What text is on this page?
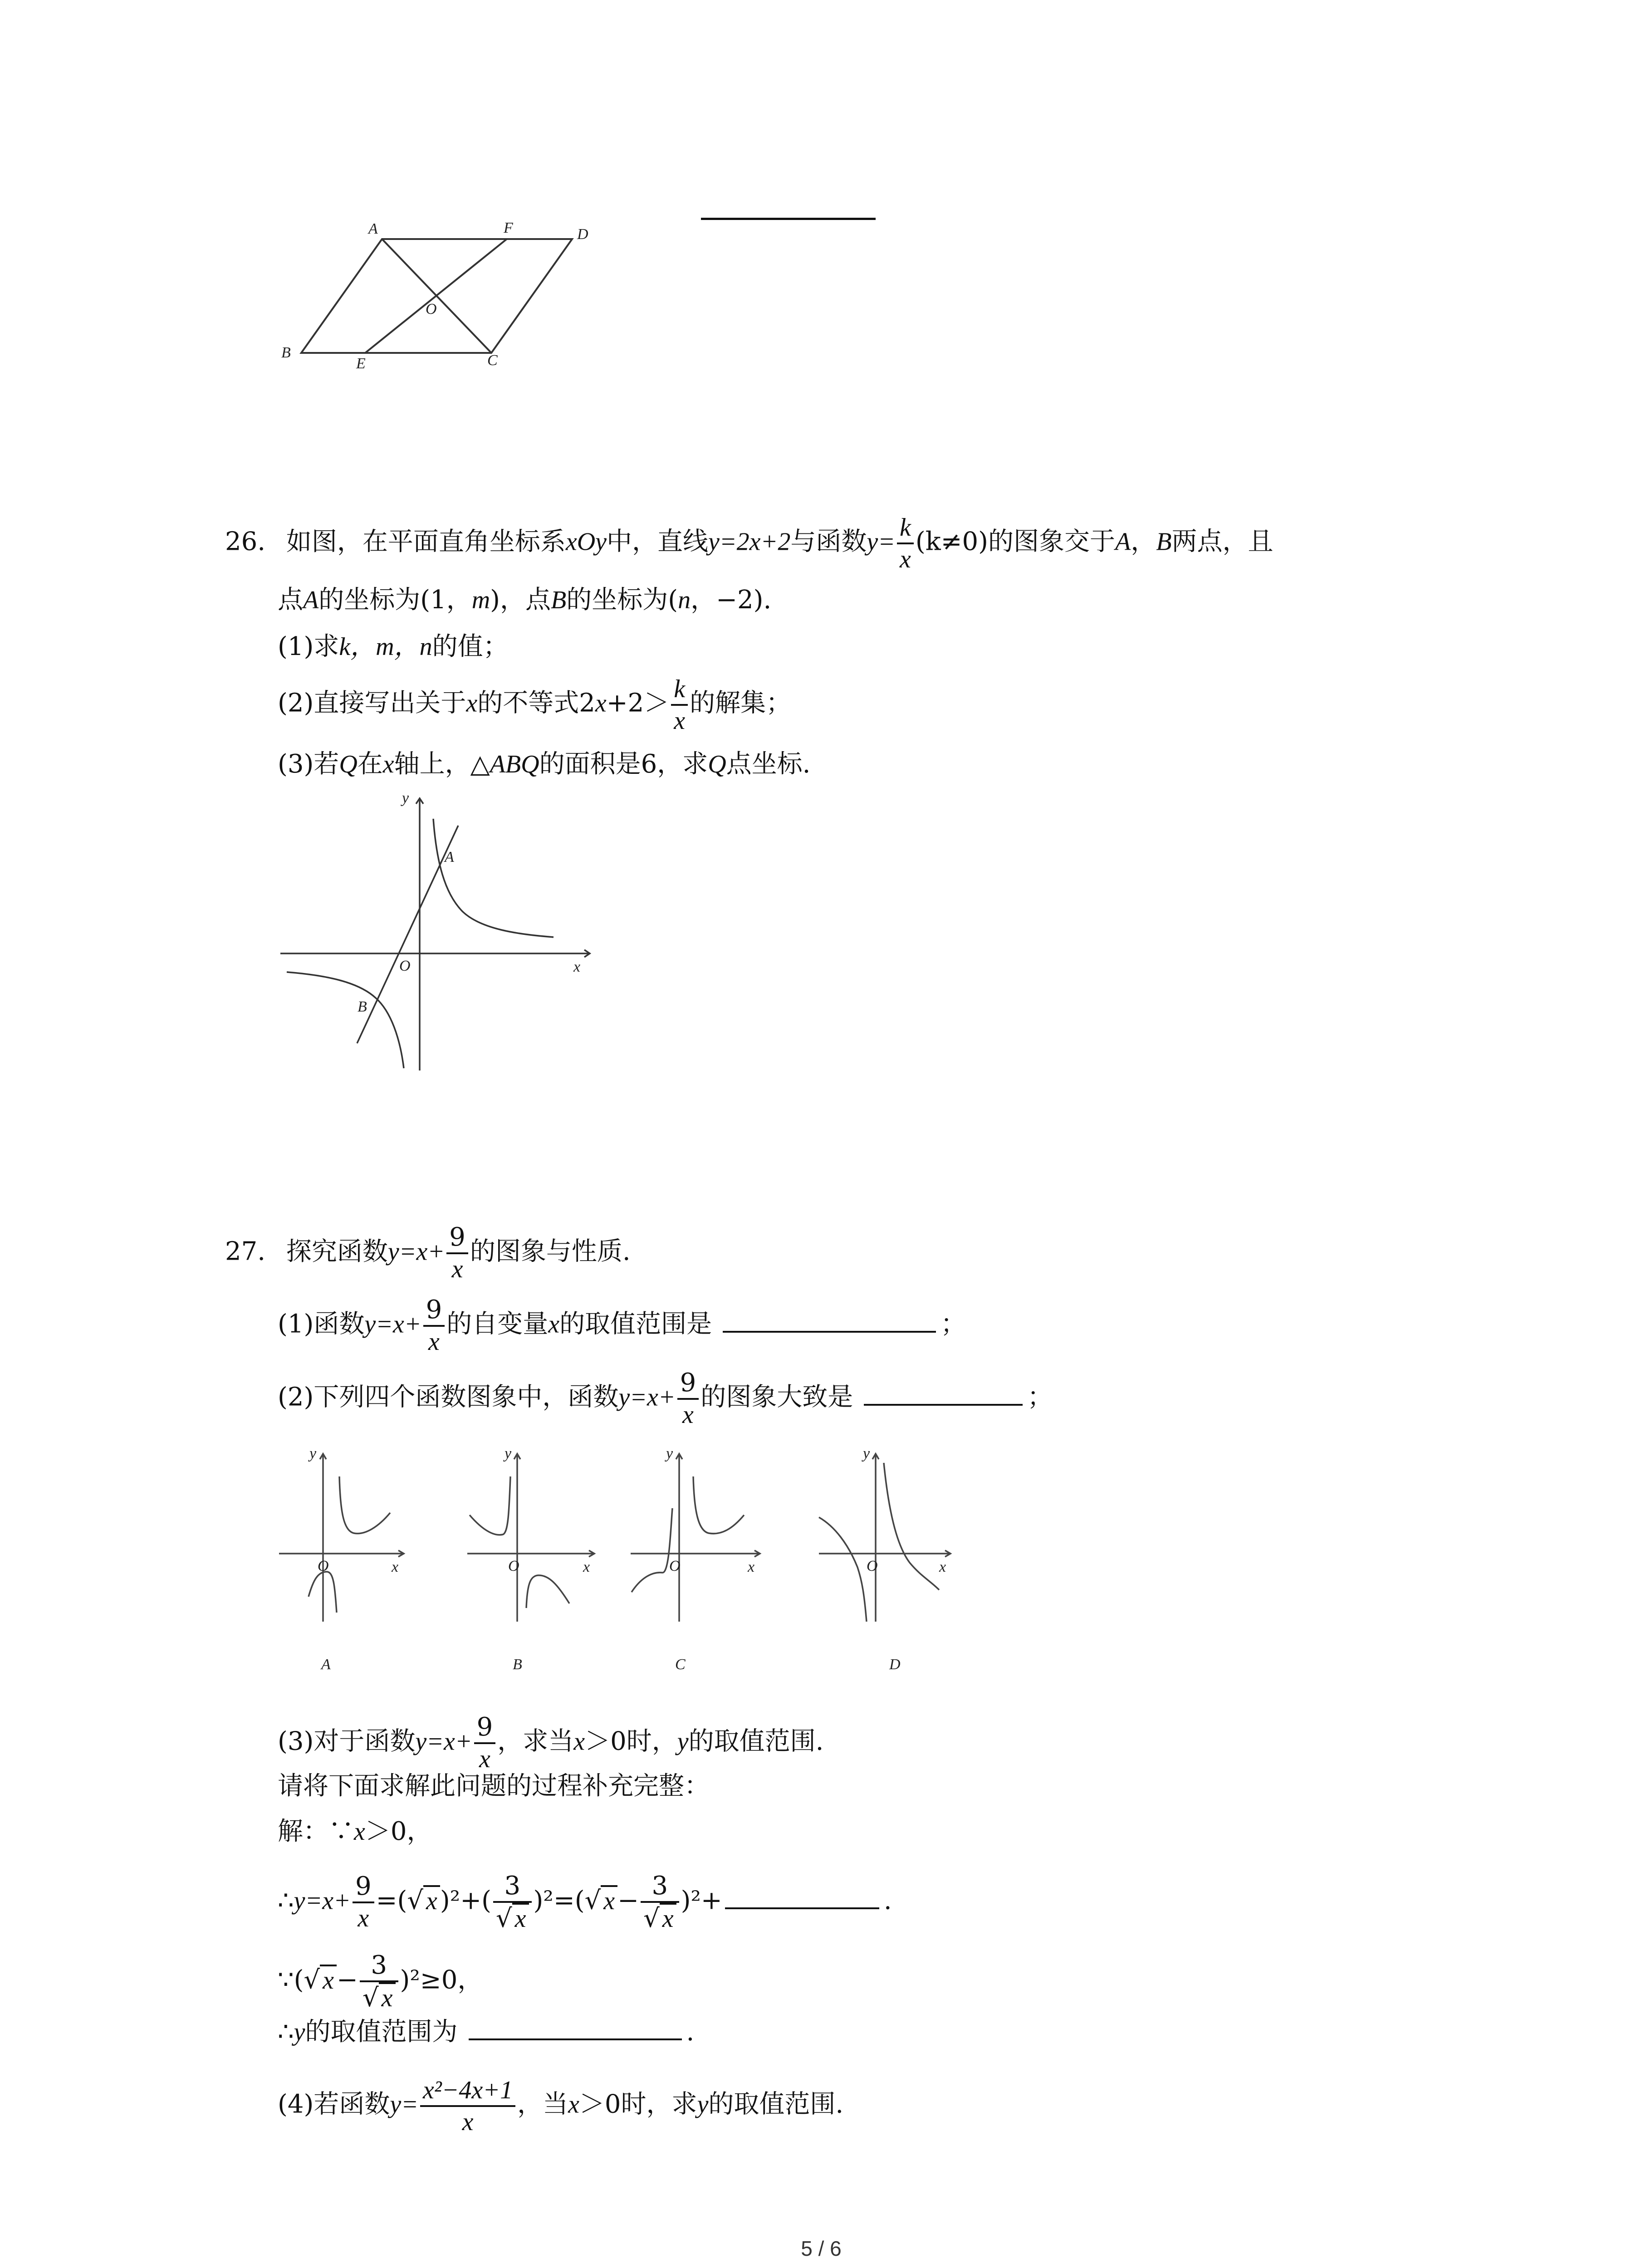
A	F	D
O
B
E	C
26. 如图，在平面直角坐标系xOy中，直线y=2x+2与函数$y= \frac{k}{x} (k\ne 0)$的图象交于A，B两点，且
点A的坐标为(1，m)，点B的坐标为(n，−2).
(1)求k，m，n的值；
(2)直接写出关于x的不等式$2x+2> \frac{k}{x}$ 的解集；
(3)若Q在x轴上，△ABQ的面积是6，求Q点坐标.
y
x
O
A
B
27. 探究函数$y=x+ \frac{9}{x}$ 的图象与性质.
(1)函数$y=x+ \frac{9}{x}$ 的自变量x的取值范围是	；
(2)下列四个函数图象中，函数$y=x+ \frac{9}{x}$ 的图象大致是	；
y
x
O
A
y
x
O
B
y
x
O
C
y
x
O
D
(3)对于函数$y=x+ \frac{9}{x}$ ，求当x＞0时，y的取值范围.
请将下面求解此问题的过程补充完整：
解：∵x＞0，
∴y=x+ $\frac{9}{x}$ =(√ x )$^2+( \frac{3}{√ x} )^2=(√$ $x - \frac{3}{√ x} )^2+$	.
∵(√ $x - \frac{3}{√ x} )^2\ge 0$，
∴y的取值范围为	.
(4)若函数$y= \frac{\text{x²−4x+1}}{x}$ ，当x＞0时，求y的取值范围.
5 / 6
